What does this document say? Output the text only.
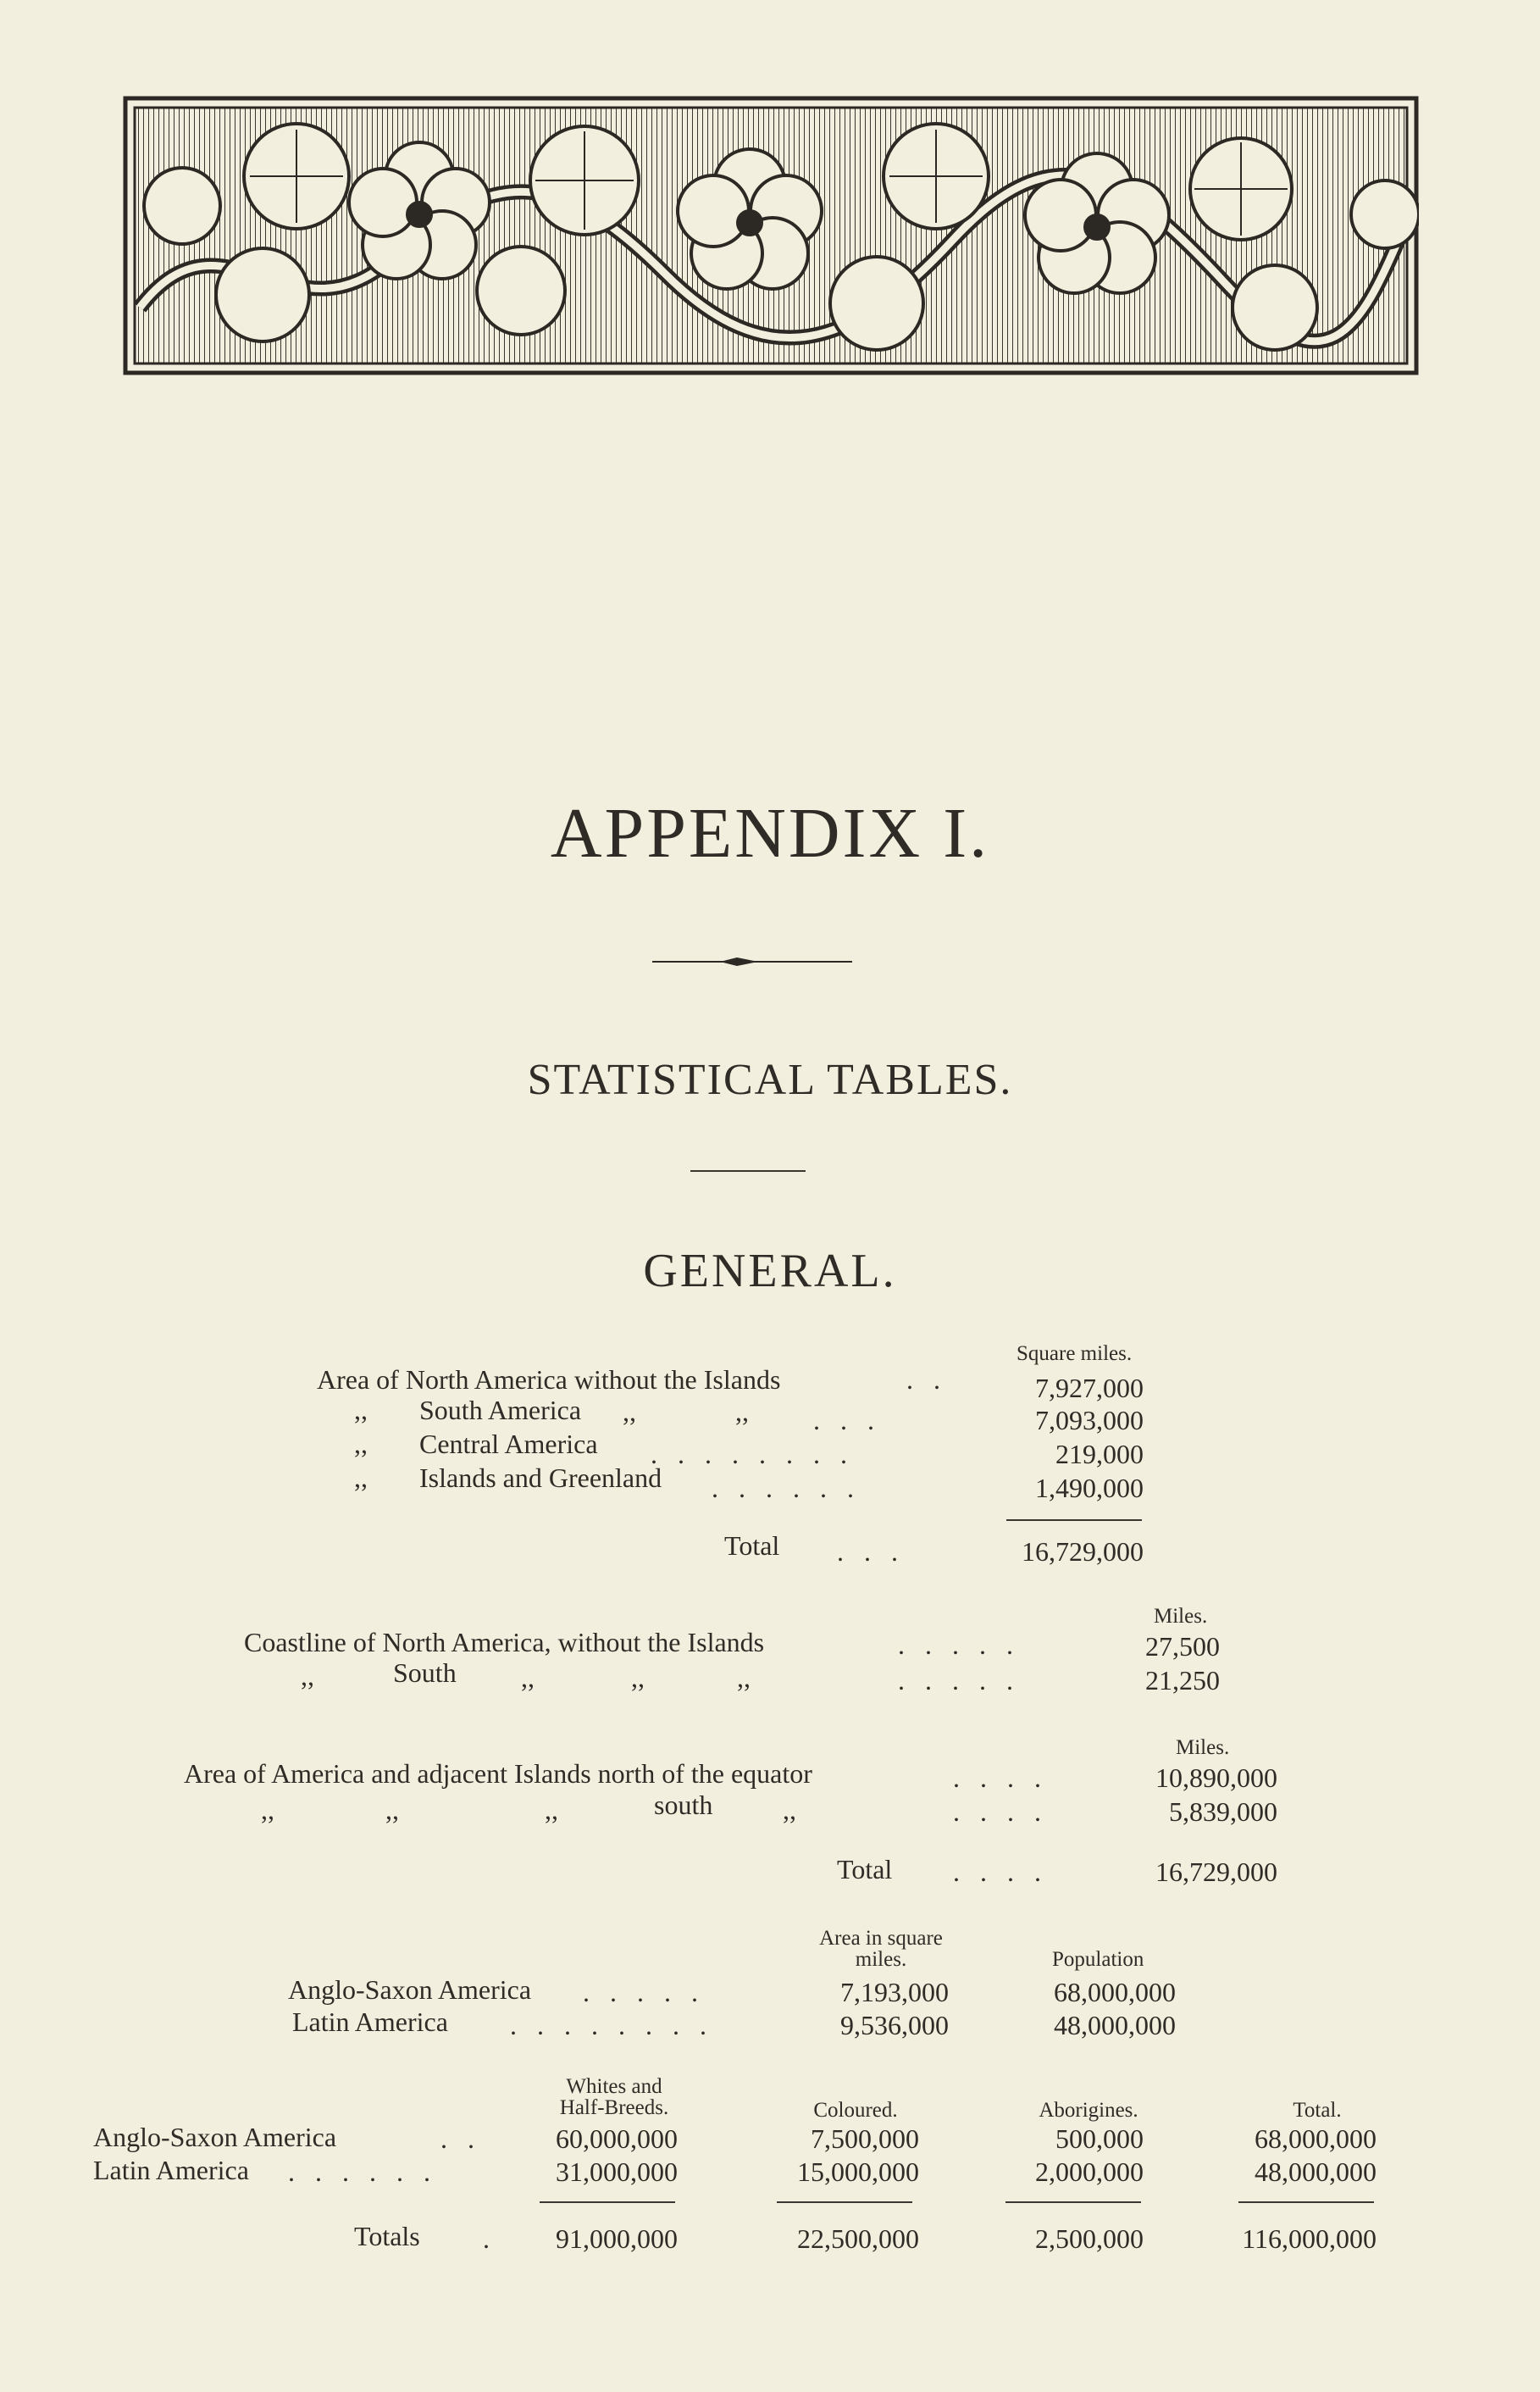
APPENDIX I.
STATISTICAL TABLES.
GENERAL.
Square miles.
Area of North America without the Islands	..	7,927,000
,, South America ,,	,, ...	7,093,000
,, Central America ........	219,000
,, Islands and Greenland ......	1,490,000
Total ...	16,729,000
Miles.
Coastline of North America, without the Islands	.....	27,500
,,	South ,,	,,	,,	.....	21,250
Miles.
Area of America and adjacent Islands north of the equator	....	10,890,000
,,	,,	,,	south	,,	....	5,839,000
Total ....	16,729,000
Area in square miles.	Population
Anglo-Saxon America .....	7,193,000	68,000,000
Latin America ........	9,536,000	48,000,000
Whites and Half-Breeds.	Coloured.	Aborigines.	Total.
Anglo-Saxon America	..	60,000,000	7,500,000	500,000	68,000,000
Latin America ......	31,000,000	15,000,000	2,000,000	48,000,000
Totals .	91,000,000	22,500,000	2,500,000	116,000,000
